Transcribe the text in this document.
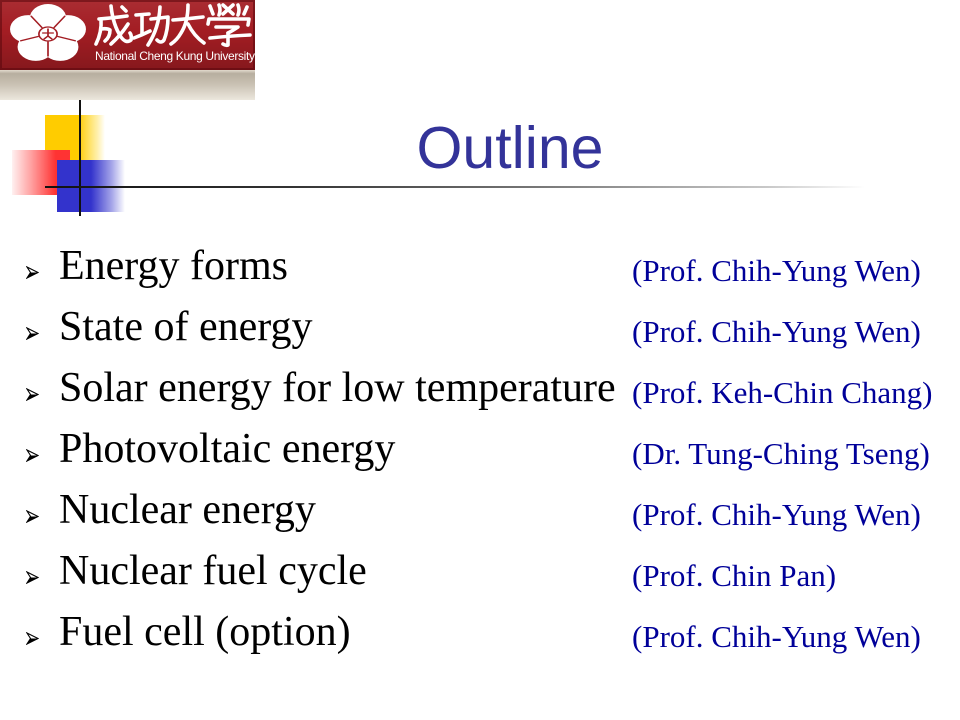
National Cheng Kung University
Outline
Energy forms	(Prof. Chih-Yung Wen)
State of energy	(Prof. Chih-Yung Wen)
Solar energy for low temperature (Prof. Keh-Chin Chang)
Photovoltaic energy	(Dr. Tung-Ching Tseng)
Nuclear energy	(Prof. Chih-Yung Wen)
Nuclear fuel cycle	(Prof. Chin Pan)
Fuel cell (option)	(Prof. Chih-Yung Wen)
